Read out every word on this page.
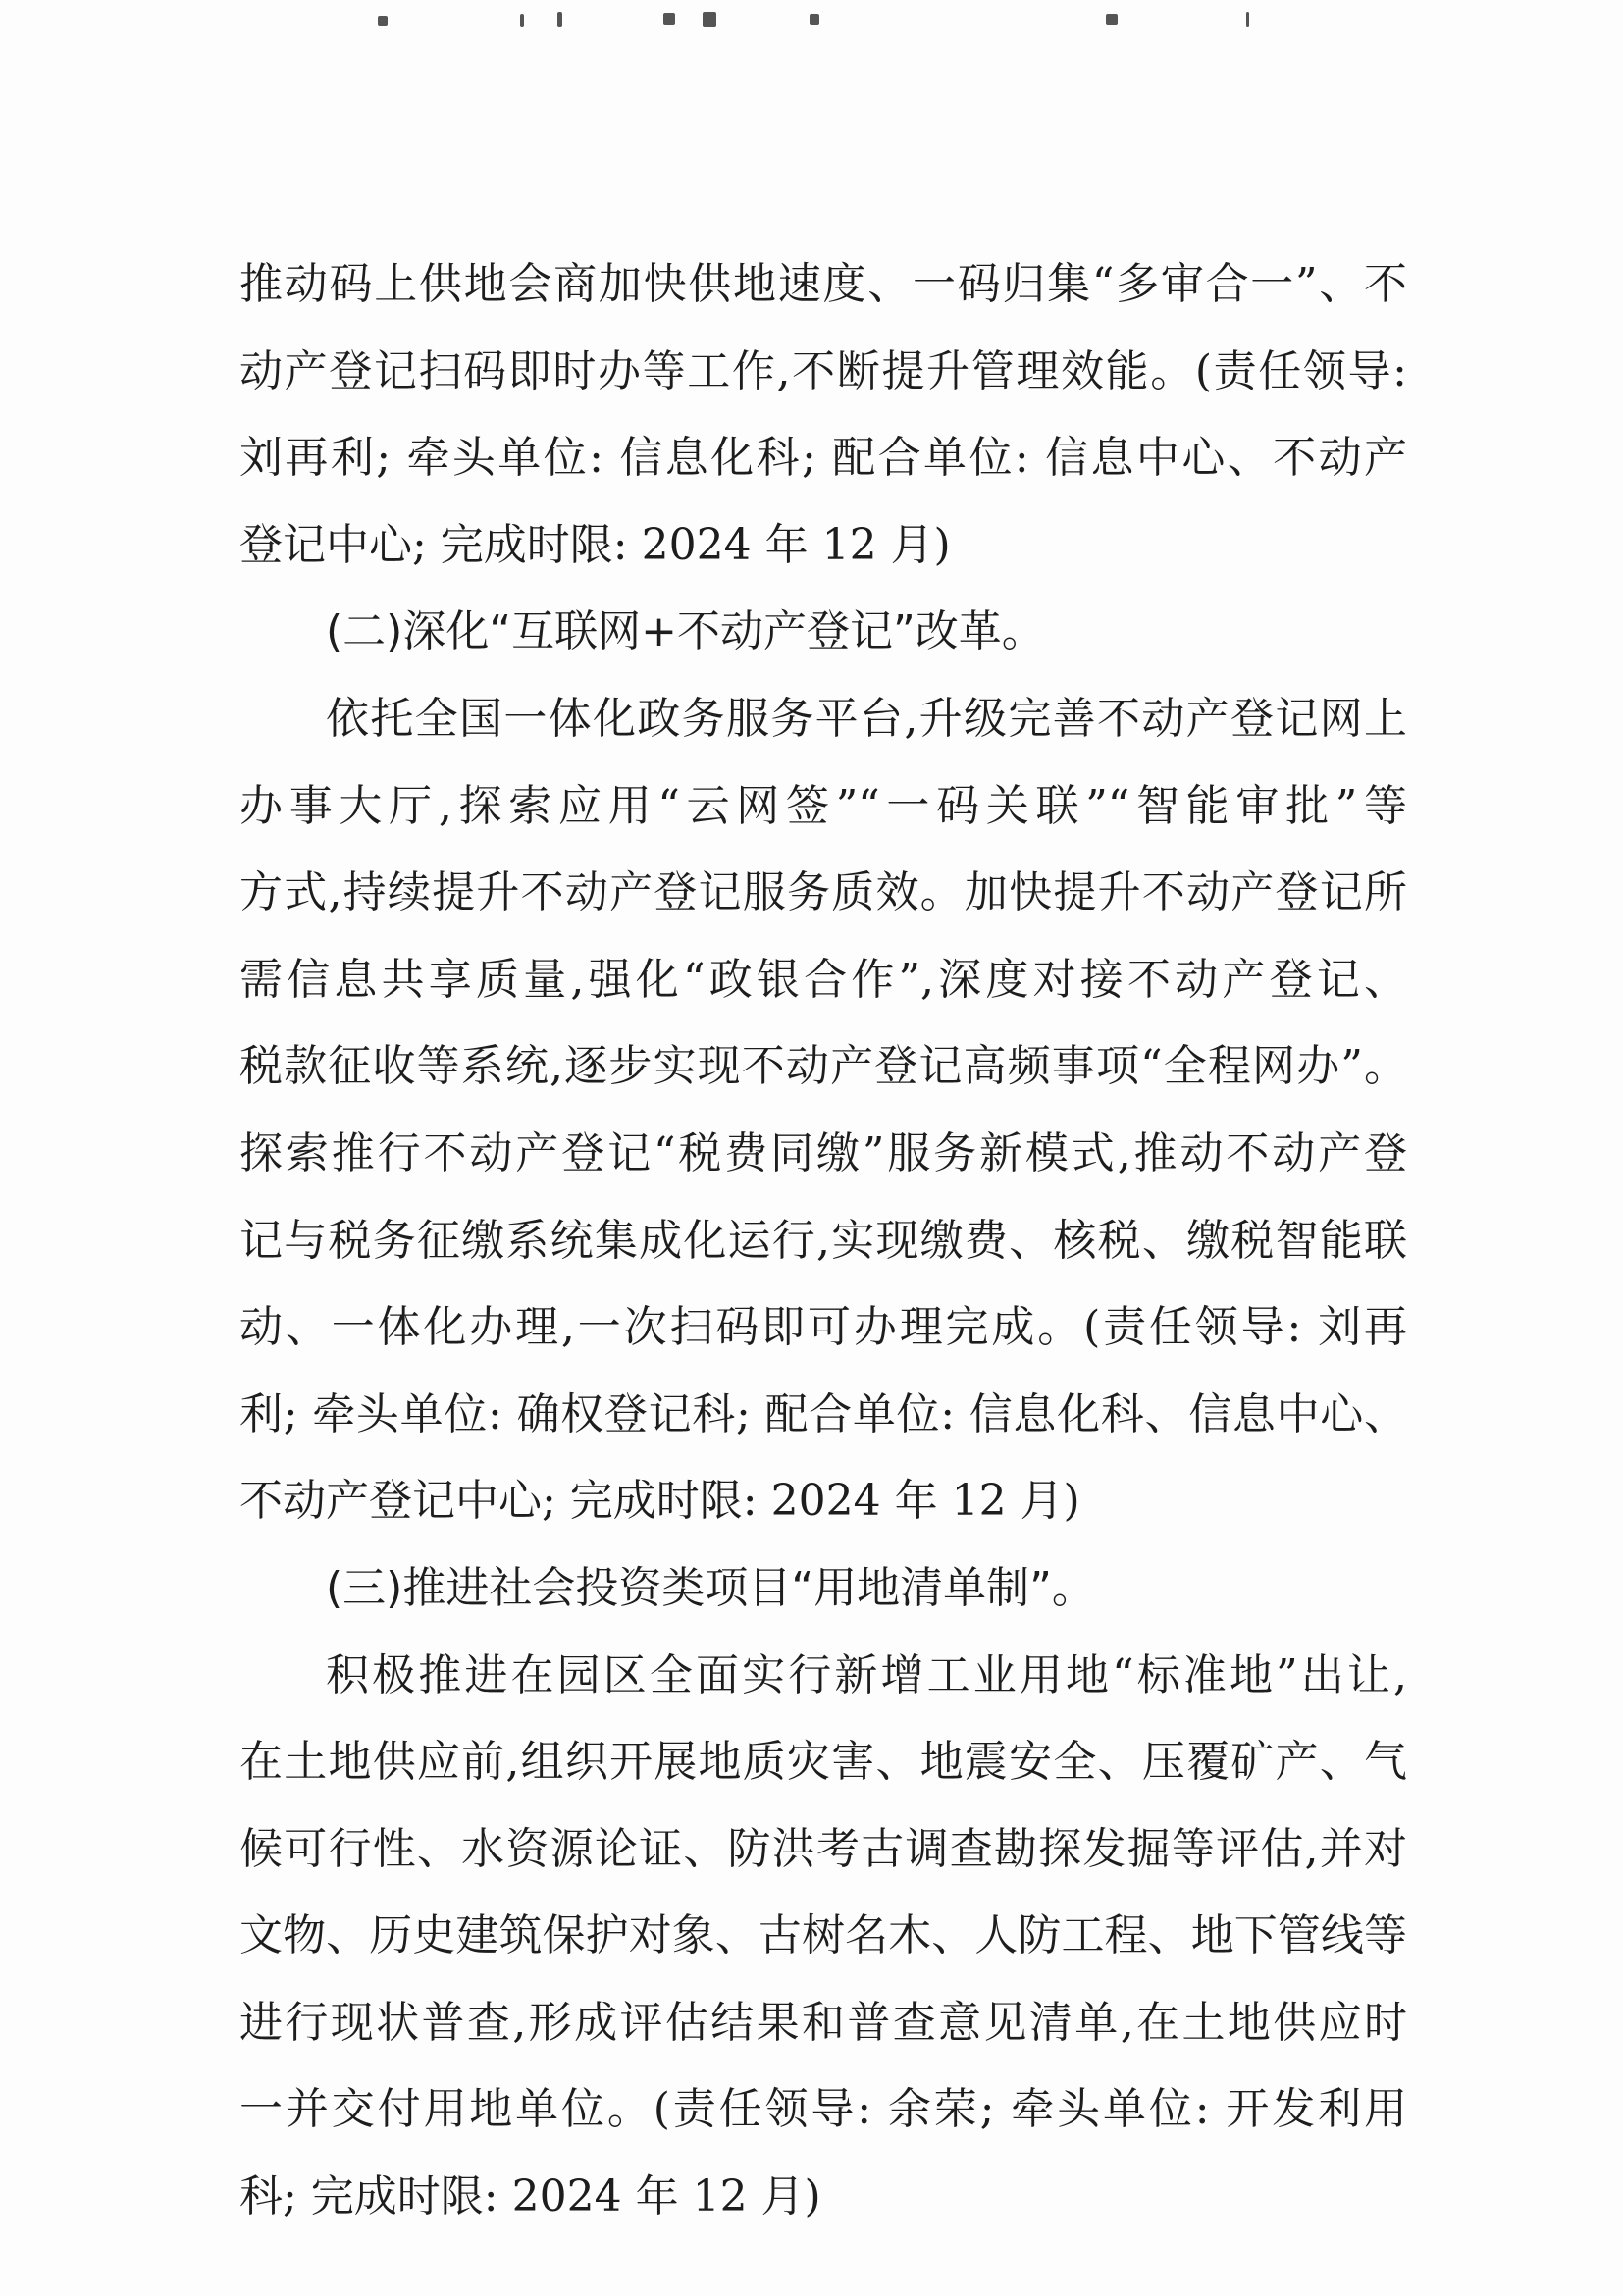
推动码上供地会商加快供地速度、一码归集“多审合一”、不
动产登记扫码即时办等工作,不断提升管理效能。(责任领导:
刘再利; 牵头单位: 信息化科; 配合单位: 信息中心、不动产
登记中心; 完成时限: 2024 年 12 月)
(二)深化“互联网+不动产登记”改革。
依托全国一体化政务服务平台,升级完善不动产登记网上
办事大厅,探索应用“云网签”“一码关联”“智能审批”等
方式,持续提升不动产登记服务质效。加快提升不动产登记所
需信息共享质量,强化“政银合作”,深度对接不动产登记、
税款征收等系统,逐步实现不动产登记高频事项“全程网办”。
探索推行不动产登记“税费同缴”服务新模式,推动不动产登
记与税务征缴系统集成化运行,实现缴费、核税、缴税智能联
动、一体化办理,一次扫码即可办理完成。(责任领导: 刘再
利; 牵头单位: 确权登记科; 配合单位: 信息化科、信息中心、
不动产登记中心; 完成时限: 2024 年 12 月)
(三)推进社会投资类项目“用地清单制”。
积极推进在园区全面实行新增工业用地“标准地”出让,
在土地供应前,组织开展地质灾害、地震安全、压覆矿产、气
候可行性、水资源论证、防洪考古调查勘探发掘等评估,并对
文物、历史建筑保护对象、古树名木、人防工程、地下管线等
进行现状普查,形成评估结果和普查意见清单,在土地供应时
一并交付用地单位。(责任领导: 余荣; 牵头单位: 开发利用
科; 完成时限: 2024 年 12 月)
